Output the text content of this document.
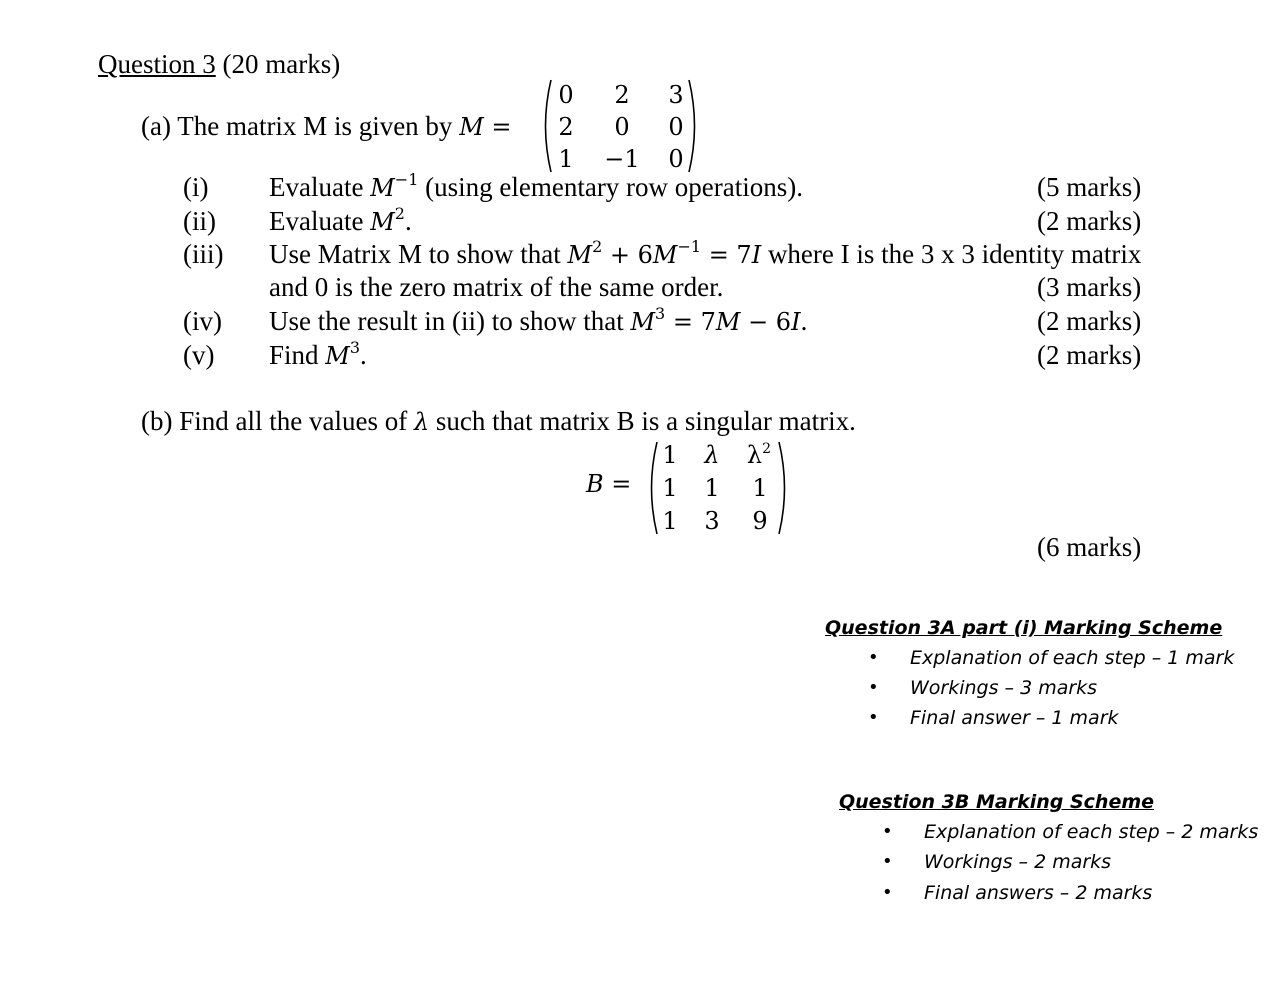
Question 3 (20 marks)
(a) The matrix M is given by M =
0 2 3
2 0 0
1 −1 0
(i) Evaluate $M^{-1}$ (using elementary row operations).	(5 marks)
(ii) Evaluate $M^2$.	(2 marks)
(iii) Use Matrix M to show that $M^2 + 6M^{-1} = 7I$ where I is the 3 x 3 identity matrix
and 0 is the zero matrix of the same order.	(3 marks)
(iv) Use the result in (ii) to show that $M^3 = 7M - 6I$.	(2 marks)
(v) Find $M^3$.	(2 marks)
(b) Find all the values of λ such that matrix B is a singular matrix.
B =
1 λ $\lambda^2$
1 1 1
1 3 9
(6 marks)
Question 3A part (i) Marking Scheme
• Explanation of each step – 1 mark
• Workings – 3 marks
• Final answer – 1 mark
Question 3B Marking Scheme
• Explanation of each step – 2 marks
• Workings – 2 marks
• Final answers – 2 marks
